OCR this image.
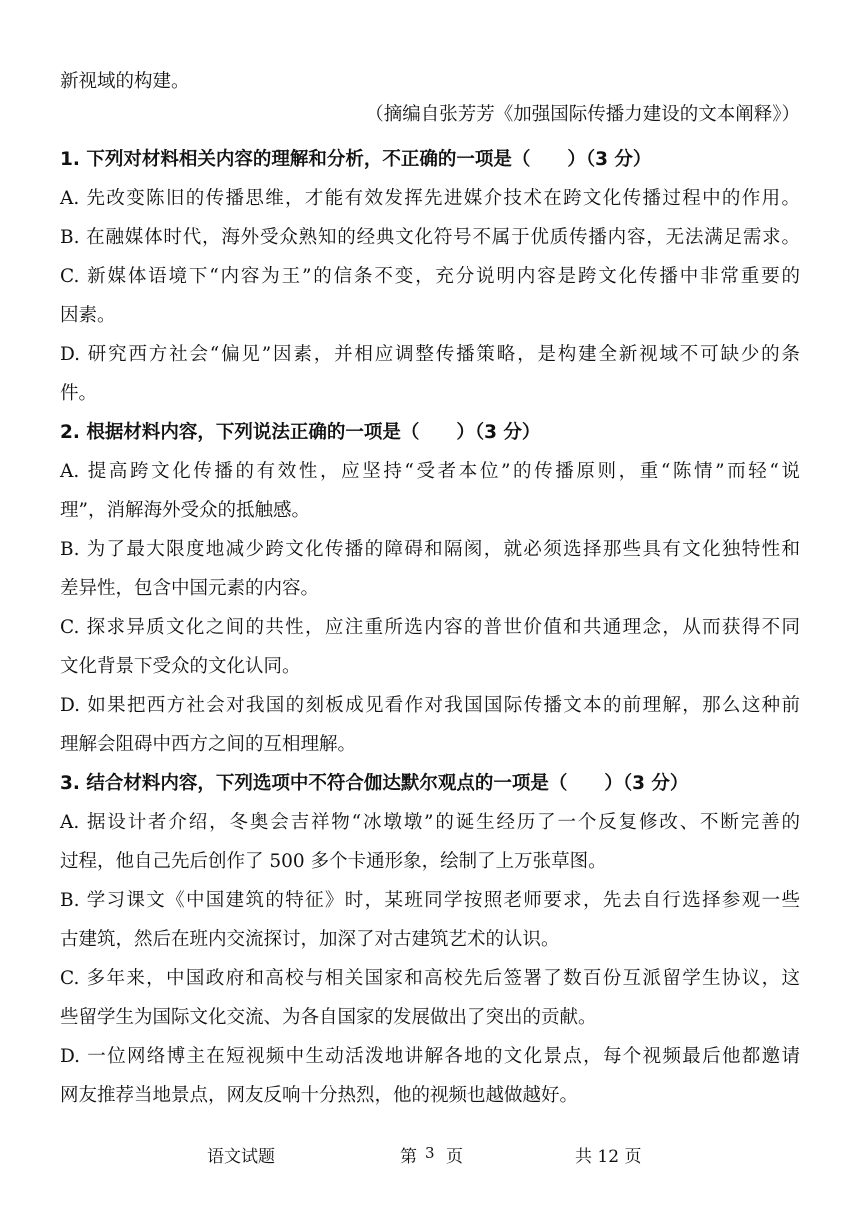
新视域的构建。
（摘编自张芳芳《加强国际传播力建设的文本阐释》）
1. 下列对材料相关内容的理解和分析，不正确的一项是（　　）（3 分）
A. 先改变陈旧的传播思维，才能有效发挥先进媒介技术在跨文化传播过程中的作用。
B. 在融媒体时代，海外受众熟知的经典文化符号不属于优质传播内容，无法满足需求。
C. 新媒体语境下“内容为王”的信条不变，充分说明内容是跨文化传播中非常重要的
因素。
D. 研究西方社会“偏见”因素，并相应调整传播策略，是构建全新视域不可缺少的条
件。
2. 根据材料内容，下列说法正确的一项是（　　）（3 分）
A. 提高跨文化传播的有效性，应坚持“受者本位”的传播原则，重“陈情”而轻“说
理”，消解海外受众的抵触感。
B. 为了最大限度地减少跨文化传播的障碍和隔阂，就必须选择那些具有文化独特性和
差异性，包含中国元素的内容。
C. 探求异质文化之间的共性，应注重所选内容的普世价值和共通理念，从而获得不同
文化背景下受众的文化认同。
D. 如果把西方社会对我国的刻板成见看作对我国国际传播文本的前理解，那么这种前
理解会阻碍中西方之间的互相理解。
3. 结合材料内容，下列选项中不符合伽达默尔观点的一项是（　　）（3 分）
A. 据设计者介绍，冬奥会吉祥物“冰墩墩”的诞生经历了一个反复修改、不断完善的
过程，他自己先后创作了 500 多个卡通形象，绘制了上万张草图。
B. 学习课文《中国建筑的特征》时，某班同学按照老师要求，先去自行选择参观一些
古建筑，然后在班内交流探讨，加深了对古建筑艺术的认识。
C. 多年来，中国政府和高校与相关国家和高校先后签署了数百份互派留学生协议，这
些留学生为国际文化交流、为各自国家的发展做出了突出的贡献。
D. 一位网络博主在短视频中生动活泼地讲解各地的文化景点，每个视频最后他都邀请
网友推荐当地景点，网友反响十分热烈，他的视频也越做越好。
语文试题	第 3 页	共 12 页
